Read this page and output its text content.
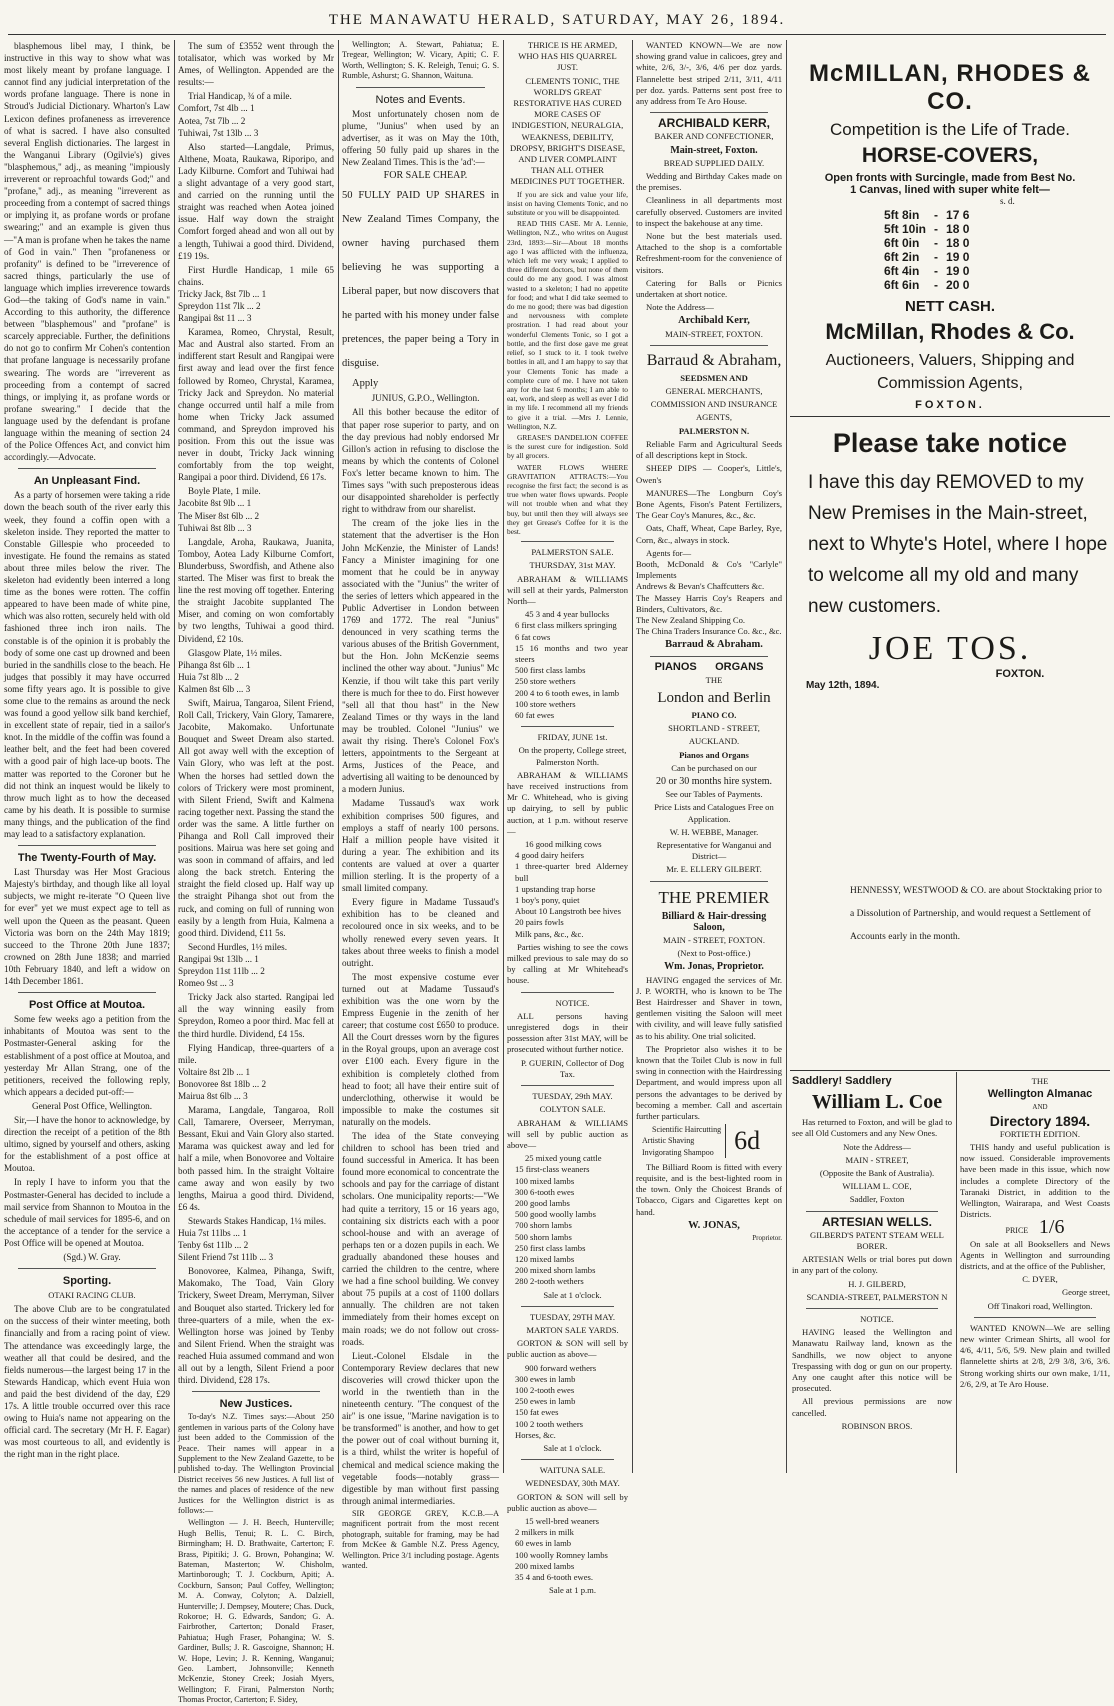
THE MANAWATU HERALD, SATURDAY, MAY 26, 1894.

blasphemous libel may, I think, be instructive in this way to show what was most likely meant by profane language. I cannot find any judicial interpretation of the words profane language. There is none in Stroud's Judicial Dictionary. Wharton's Law Lexicon defines profaneness as irreverence of what is sacred. I have also consulted several English dictionaries. The largest in the Wanganui Library (Ogilvie's) gives "blasphemous," adj., as meaning "impiously irreverent or reproachful towards God;" and "profane," adj., as meaning "irreverent as proceeding from a contempt of sacred things or implying it, as profane words or profane swearing;" and an example is given thus—"A man is profane when he takes the name of God in vain." Then "profaneness or profanity" is defined to be "irreverence of sacred things, particularly the use of language which implies irreverence towards God—the taking of God's name in vain." According to this authority, the difference between "blasphemous" and "profane" is scarcely appreciable. Further, the definitions do not go to confirm Mr Cohen's contention that profane language is necessarily profane swearing. The words are "irreverent as proceeding from a contempt of sacred things, or implying it, as profane words or profane swearing." I decide that the language used by the defendant is profane language within the meaning of section 24 of the Police Offences Act, and convict him accordingly.—Advocate.

An Unpleasant Find.

As a party of horsemen were taking a ride down the beach south of the river early this week, they found a coffin open with a skeleton inside. They reported the matter to Constable Gillespie who proceeded to investigate. He found the remains as stated about three miles below the river. The skeleton had evidently been interred a long time as the bones were rotten. The coffin appeared to have been made of white pine, which was also rotten, securely held with old fashioned three inch iron nails. The constable is of the opinion it is probably the body of some one cast up drowned and been buried in the sandhills close to the beach. He judges that possibly it may have occurred some fifty years ago. It is possible to give some clue to the remains as around the neck was found a good yellow silk band kerchief, in excellent state of repair, tied in a sailor's knot. In the middle of the coffin was found a leather belt, and the feet had been covered with a good pair of high lace-up boots. The matter was reported to the Coroner but he did not think an inquest would be likely to throw much light as to how the deceased came by his death. It is possible to surmise many things, and the publication of the find may lead to a satisfactory explanation.

The Twenty-Fourth of May.

Last Thursday was Her Most Gracious Majesty's birthday, and though like all loyal subjects, we might re-iterate "O Queen live for ever" yet we must expect age to tell as well upon the Queen as the peasant. Queen Victoria was born on the 24th May 1819; succeed to the Throne 20th June 1837; crowned on 28th June 1838; and married 10th February 1840, and left a widow on 14th December 1861.

Post Office at Moutoa.

Some few weeks ago a petition from the inhabitants of Moutoa was sent to the Postmaster-General asking for the establishment of a post office at Moutoa, and yesterday Mr Allan Strang, one of the petitioners, received the following reply, which appears a decided put-off:—

General Post Office, Wellington.

Sir,—I have the honor to acknowledge, by direction the receipt of a petition of the 8th ultimo, signed by yourself and others, asking for the establishment of a post office at Moutoa.

In reply I have to inform you that the Postmaster-General has decided to include a mail service from Shannon to Moutoa in the schedule of mail services for 1895-6, and on the acceptance of a tender for the service a Post Office will be opened at Moutoa.

(Sgd.) W. Gray.

Sporting.

OTAKI RACING CLUB.

The above Club are to be congratulated on the success of their winter meeting, both financially and from a racing point of view. The attendance was exceedingly large, the weather all that could be desired, and the fields numerous—the largest being 17 in the Stewards Handicap, which event Huia won and paid the best dividend of the day, £29 17s. A little trouble occurred over this race owing to Huia's name not appearing on the official card. The secretary (Mr H. F. Eagar) was most courteous to all, and evidently is the right man in the right place.

The sum of £3552 went through the totalisator, which was worked by Mr Ames, of Wellington. Appended are the results:—

Trial Handicap, ¾ of a mile.
Comfort, 7st 4lb ... 1
Aotea, 7st 7lb ... 2
Tuhiwai, 7st 13lb ... 3

Also started—Langdale, Primus, Althene, Moata, Raukawa, Riporipo, and Lady Kilburne. Comfort and Tuhiwai had a slight advantage of a very good start, and carried on the running until the straight was reached when Aotea joined issue. Half way down the straight Comfort forged ahead and won all out by a length, Tuhiwai a good third. Dividend, £19 19s.

First Hurdle Handicap, 1 mile 65 chains.
Tricky Jack, 8st 7lb ... 1
Spreydon 11st 7lk ... 2
Rangipai 8st 11 ... 3

Karamea, Romeo, Chrystal, Result, Mac and Austral also started. From an indifferent start Result and Rangipai were first away and lead over the first fence followed by Romeo, Chrystal, Karamea, Tricky Jack and Spreydon. No material change occurred until half a mile from home when Tricky Jack assumed command, and Spreydon improved his position. From this out the issue was never in doubt, Tricky Jack winning comfortably from the top weight, Rangipai a poor third. Dividend, £6 17s.

Boyle Plate, 1 mile.
Jacobite 8st 9lb ... 1
The Miser 8st 6lb ... 2
Tuhiwai 8st 8lb ... 3

Langdale, Aroha, Raukawa, Juanita, Tomboy, Aotea Lady Kilburne Comfort, Blunderbuss, Swordfish, and Athene also started. The Miser was first to break the line the rest moving off together. Entering the straight Jacobite supplanted The Miser, and coming on won comfortably by two lengths, Tuhiwai a good third. Dividend, £2 10s.

Glasgow Plate, 1½ miles.
Pihanga 8st 6lb ... 1
Huia 7st 8lb ... 2
Kalmen 8st 6lb ... 3

Swift, Mairua, Tangaroa, Silent Friend, Roll Call, Trickery, Vain Glory, Tamarere, Jacobite, Makomako. Unfortunate Bouquet and Sweet Dream also started. All got away well with the exception of Vain Glory, who was left at the post. When the horses had settled down the colors of Trickery were most prominent, with Silent Friend, Swift and Kalmena racing together next. Passing the stand the order was the same. A little further on Pihanga and Roll Call improved their positions. Mairua was here set going and was soon in command of affairs, and led along the back stretch. Entering the straight the field closed up. Half way up the straight Pihanga shot out from the ruck, and coming on full of running won easily by a length from Huia, Kalmena a good third. Dividend, £11 5s.

Second Hurdles, 1½ miles.
Rangipai 9st 13lb ... 1
Spreydon 11st 11lb ... 2
Romeo 9st ... 3

Tricky Jack also started. Rangipai led all the way winning easily from Spreydon, Romeo a poor third. Mac fell at the third hurdle. Dividend, £4 15s.

Flying Handicap, three-quarters of a mile.
Voltaire 8st 2lb ... 1
Bonovoree 8st 18lb ... 2
Mairua 8st 6lb ... 3

Marama, Langdale, Tangaroa, Roll Call, Tamarere, Overseer, Merryman, Bessant, Ekui and Vain Glory also started. Marama was quickest away and led for half a mile, when Bonovoree and Voltaire both passed him. In the straight Voltaire came away and won easily by two lengths, Mairua a good third. Dividend, £6 4s.

Stewards Stakes Handicap, 1¼ miles.
Huia 7st 11lbs ... 1
Tenby 6st 11lb ... 2
Silent Friend 7st 11lb ... 3

Bonovoree, Kalmea, Pihanga, Swift, Makomako, The Toad, Vain Glory Trickery, Sweet Dream, Merryman, Silver and Bouquet also started. Trickery led for three-quarters of a mile, when the ex-Wellington horse was joined by Tenby and Silent Friend. When the straight was reached Huia assumed command and won all out by a length, Silent Friend a poor third. Dividend, £28 17s.

New Justices.

To-day's N.Z. Times says:—About 250 gentlemen in various parts of the Colony have just been added to the Commission of the Peace. Their names will appear in a Supplement to the New Zealand Gazette, to be published to-day. The Wellington Provincial District receives 56 new Justices. A full list of the names and places of residence of the new Justices for the Wellington district is as follows:—

Wellington — J. H. Beech, Hunterville; Hugh Bellis, Tenui; R. L. C. Birch, Birmingham; H. D. Brathwaite, Carterton; F. Brass, Pipitiki; J. G. Brown, Pohangina; W. Bateman, Masterton; W. Chisholm, Martinborough; T. J. Cockburn, Apiti; A. Cockburn, Sanson; Paul Coffey, Wellington; M. A. Conway, Colyton; A. Dalziell, Hunterville; J. Dempsey, Moutere; Chas. Duck, Rokoroe; H. G. Edwards, Sandon; G. A. Fairbrother, Carterton; Donald Fraser, Pahiatua; Hugh Fraser, Pohangina; W. S. Gardiner, Bulls; J. R. Gascoigne, Shannon; H. W. Hope, Levin; J. R. Kenning, Wanganui; Geo. Lambert, Johnsonville; Kenneth McKenzie, Stoney Creek; Josiah Myers, Wellington; F. Firani, Palmerston North; Thomas Proctor, Carterton; F. Sidey,

Wellington; A. Stewart, Pahiatua; E. Tregear, Wellington; W. Vicary, Apiti; C. F. Worth, Wellington; S. K. Releigh, Tenui; G. S. Rumble, Ashurst; G. Shannon, Waituna.

Notes and Events.

Most unfortunately chosen nom de plume, "Junius" when used by an advertiser, as it was on May the 10th, offering 50 fully paid up shares in the New Zealand Times. This is the 'ad':—

FOR SALE CHEAP.

50 FULLY PAID UP SHARES in New Zealand Times Company, the owner having purchased them believing he was supporting a Liberal paper, but now discovers that he parted with his money under false pretences, the paper being a Tory in disguise.

Apply

JUNIUS, G.P.O., Wellington.

All this bother because the editor of that paper rose superior to party, and on the day previous had nobly endorsed Mr Gillon's action in refusing to disclose the means by which the contents of Colonel Fox's letter became known to him. The Times says "with such preposterous ideas our disappointed shareholder is perfectly right to withdraw from our sharelist.

The cream of the joke lies in the statement that the advertiser is the Hon John McKenzie, the Minister of Lands! Fancy a Minister imagining for one moment that he could be in anyway associated with the "Junius" the writer of the series of letters which appeared in the Public Advertiser in London between 1769 and 1772. The real "Junius" denounced in very scathing terms the various abuses of the British Government, but the Hon. John McKenzie seems inclined the other way about. "Junius" Mc Kenzie, if thou wilt take this part verily there is much for thee to do. First however "sell all that thou hast" in the New Zealand Times or thy ways in the land may be troubled. Colonel "Junius" we await thy rising. There's Colonel Fox's letters, appointments to the Sergeant at Arms, Justices of the Peace, and advertising all waiting to be denounced by a modern Junius.

Madame Tussaud's wax work exhibition comprises 500 figures, and employs a staff of nearly 100 persons. Half a million people have visited it during a year. The exhibition and its contents are valued at over a quarter million sterling. It is the property of a small limited company.

Every figure in Madame Tussaud's exhibition has to be cleaned and recoloured once in six weeks, and to be wholly renewed every seven years. It takes about three weeks to finish a model outright.

The most expensive costume ever turned out at Madame Tussaud's exhibition was the one worn by the Empress Eugenie in the zenith of her career; that costume cost £650 to produce. All the Court dresses worn by the figures in the Royal groups, upon an average cost over £100 each. Every figure in the exhibition is completely clothed from head to foot; all have their entire suit of underclothing, otherwise it would be impossible to make the costumes sit naturally on the models.

The idea of the State conveying children to school has been tried and found successful in America. It has been found more economical to concentrate the schools and pay for the carriage of distant scholars. One municipality reports:—"We had quite a territory, 15 or 16 years ago, containing six districts each with a poor school-house and with an average of perhaps ten or a dozen pupils in each. We gradually abandoned these houses and carried the children to the centre, where we had a fine school building. We convey about 75 pupils at a cost of 1100 dollars annually. The children are not taken immediately from their homes except on main roads; we do not follow out cross-roads.

Lieut.-Colonel Elsdale in the Contemporary Review declares that new discoveries will crowd thicker upon the world in the twentieth than in the nineteenth century. "The conquest of the air" is one issue, "Marine navigation is to be transformed" is another, and how to get the power out of coal without burning it, is a third, whilst the writer is hopeful of chemical and medical science making the vegetable foods—notably grass—digestible by man without first passing through animal intermediaries.

SIR GEORGE GREY, K.C.B.—A magnificent portrait from the most recent photograph, suitable for framing, may be had from McKee & Gamble N.Z. Press Agency, Wellington. Price 3/1 including postage. Agents wanted.

THRICE IS HE ARMED, WHO HAS HIS QUARREL JUST.

CLEMENTS TONIC, THE WORLD'S GREAT RESTORATIVE HAS CURED MORE CASES OF INDIGESTION, NEURALGIA, WEAKNESS, DEBILITY, DROPSY, BRIGHT'S DISEASE, AND LIVER COMPLAINT THAN ALL OTHER MEDICINES PUT TOGETHER.

If you are sick and value your life, insist on having Clements Tonic, and no substitute or you will be disappointed.

READ THIS CASE. Mr A. Lennie, Wellington, N.Z., who writes on August 23rd, 1893:—Sir—About 18 months ago I was afflicted with the influenza, which left me very weak; I applied to three different doctors, but none of them could do me any good. I was almost wasted to a skeleton; I had no appetite for food; and what I did take seemed to do me no good; there was bad digestion and nervousness with complete prostration. I had read about your wonderful Clements Tonic, so I got a bottle, and the first dose gave me great relief, so I stuck to it. I took twelve bottles in all, and I am happy to say that your Clements Tonic has made a complete cure of me. I have not taken any for the last 6 months; I am able to eat, work, and sleep as well as ever I did in my life. I recommend all my friends to give it a trial. —Mrs J. Lennie, Wellington, N.Z.

GREASE'S DANDELION COFFEE is the surest cure for indigestion. Sold by all grocers.

WATER FLOWS WHERE GRAVITATION ATTRACTS:—You recognise the first fact; the second is as true when water flows upwards. People will not trouble when and what they buy, but until then they will always see they get Grease's Coffee for it is the best.

PALMERSTON SALE.

THURSDAY, 31st MAY.

ABRAHAM & WILLIAMS will sell at their yards, Palmerston North—

45 3 and 4 year bullocks
6 first class milkers springing
6 fat cows
15 16 months and two year steers
500 first class lambs
250 store wethers
200 4 to 6 tooth ewes, in lamb
100 store wethers
60 fat ewes

FRIDAY, JUNE 1st.

On the property, College street, Palmerston North.

ABRAHAM & WILLIAMS have received instructions from Mr C. Whitehead, who is giving up dairying, to sell by public auction, at 1 p.m. without reserve—

16 good milking cows
4 good dairy heifers
1 three-quarter bred Alderney bull
1 upstanding trap horse
1 boy's pony, quiet
About 10 Langstroth bee hives
20 pairs fowls
Milk pans, &c., &c.

Parties wishing to see the cows milked previous to sale may do so by calling at Mr Whitehead's house.

NOTICE.

ALL persons having unregistered dogs in their possession after 31st MAY, will be prosecuted without further notice.

P. GUERIN, Collector of Dog Tax.

TUESDAY, 29th MAY.

COLYTON SALE.

ABRAHAM & WILLIAMS will sell by public auction as above—

25 mixed young cattle
15 first-class weaners
100 mixed lambs
300 6-tooth ewes
200 good lambs
500 good woolly lambs
700 shorn lambs
500 shorn lambs
250 first class lambs
120 mixed lambs
200 mixed shorn lambs
280 2-tooth wethers

Sale at 1 o'clock.

TUESDAY, 29TH MAY.

MARTON SALE YARDS.

GORTON & SON will sell by public auction as above—

900 forward wethers
300 ewes in lamb
100 2-tooth ewes
250 ewes in lamb
150 fat ewes
100 2 tooth wethers
Horses, &c.

Sale at 1 o'clock.

WAITUNA SALE.

WEDNESDAY, 30th MAY.

GORTON & SON will sell by public auction as above—

15 well-bred weaners
2 milkers in milk
60 ewes in lamb
100 woolly Romney lambs
200 mixed lambs
35 4 and 6-tooth ewes.

Sale at 1 p.m.

WANTED KNOWN—We are now showing grand value in calicoes, grey and white, 2/6, 3/-, 3/6, 4/6 per doz yards. Flannelette best striped 2/11, 3/11, 4/11 per doz. yards. Patterns sent post free to any address from Te Aro House.

ARCHIBALD KERR,

BAKER AND CONFECTIONER,

Main-street, Foxton.

BREAD SUPPLIED DAILY.

Wedding and Birthday Cakes made on the premises.

Cleanliness in all departments most carefully observed. Customers are invited to inspect the bakehouse at any time.

None but the best materials used. Attached to the shop is a comfortable Refreshment-room for the convenience of visitors.

Catering for Balls or Picnics undertaken at short notice.

Note the Address—

Archibald Kerr,

MAIN-STREET, FOXTON.

Barraud & Abraham,

SEEDSMEN AND

GENERAL MERCHANTS,

COMMISSION AND INSURANCE

AGENTS,

PALMERSTON N.

Reliable Farm and Agricultural Seeds of all descriptions kept in Stock.

SHEEP DIPS — Cooper's, Little's, Owen's

MANURES—The Longburn Coy's Bone Agents, Fison's Patent Fertilizers, The Gear Coy's Manures, &c., &c.

Oats, Chaff, Wheat, Cape Barley, Rye, Corn, &c., always in stock.

Agents for—
Booth, McDonald & Co's "Carlyle" Implements
Andrews & Bevan's Chaffcutters &c.
The Massey Harris Coy's Reapers and Binders, Cultivators, &c.
The New Zealand Shipping Co.
The China Traders Insurance Co. &c., &c.

Barraud & Abraham.

PIANOS ORGANS

THE

London and Berlin

PIANO CO.

SHORTLAND - STREET,

AUCKLAND.

Pianos and Organs

Can be purchased on our

20 or 30 months hire system.

See our Tables of Payments.

Price Lists and Catalogues Free on Application.

W. H. WEBBE, Manager.

Representative for Wanganui and District—

Mr. E. ELLERY GILBERT.

THE PREMIER

Billiard & Hair-dressing Saloon,

MAIN - STREET, FOXTON.

(Next to Post-office.)

Wm. Jonas, Proprietor.

HAVING engaged the services of Mr. J. P. WORTH, who is known to be The Best Hairdresser and Shaver in town, gentlemen visiting the Saloon will meet with civility, and will leave fully satisfied as to his ability. One trial solicited.

The Proprietor also wishes it to be known that the Toilet Club is now in full swing in connection with the Hairdressing Department, and would impress upon all persons the advantages to be derived by becoming a member. Call and ascertain further particulars.

Scientific Haircutting
Artistic Shaving
Invigorating Shampoo 6d

The Billiard Room is fitted with every requisite, and is the best-lighted room in the town. Only the Choicest Brands of Tobacco, Cigars and Cigarettes kept on hand.

W. JONAS,

Proprietor.

McMILLAN, RHODES & CO.
Competition is the Life of Trade.
HORSE-COVERS,
Open fronts with Surcingle, made from Best No.
1 Canvas, lined with super white felt—
s. d.
5ft 8in	-	17 6
5ft 10in	-	18 0
6ft 0in	-	18 0
6ft 2in	-	19 0
6ft 4in	-	19 0
6ft 6in	-	20 0
NETT CASH.
McMillan, Rhodes & Co.
Auctioneers, Valuers, Shipping and Commission Agents,
FOXTON.
Please take notice
I have this day REMOVED to my New Premises in the Main-street, next to Whyte's Hotel, where I hope to welcome all my old and many new customers.
JOE TOS.
FOXTON.
May 12th, 1894.

HENNESSY, WESTWOOD & CO. are about Stocktaking prior to a Dissolution of Partnership, and would request a Settlement of Accounts early in the month.

Saddlery! Saddlery

William L. Coe

Has returned to Foxton, and will be glad to see all Old Customers and any New Ones.

Note the Address—

MAIN - STREET,

(Opposite the Bank of Australia).

WILLIAM L. COE,

Saddler, Foxton

ARTESIAN WELLS.

GILBERD'S PATENT STEAM WELL BORER.

ARTESIAN Wells or trial bores put down in any part of the colony.

H. J. GILBERD,

SCANDIA-STREET, PALMERSTON N

NOTICE.

HAVING leased the Wellington and Manawatu Railway land, known as the Sandhills, we now object to anyone Trespassing with dog or gun on our property. Any one caught after this notice will be prosecuted.

All previous permissions are now cancelled.

ROBINSON BROS.

THE

Wellington Almanac

AND

Directory 1894.

FORTIETH EDITION.

THIS handy and useful publication is now issued. Considerable improvements have been made in this issue, which now includes a complete Directory of the Taranaki District, in addition to the Wellington, Wairarapa, and West Coasts Districts.

PRICE 1/6

On sale at all Booksellers and News Agents in Wellington and surrounding districts, and at the office of the Publisher,

C. DYER,

George street,

Off Tinakori road, Wellington.

WANTED KNOWN—We are selling new winter Crimean Shirts, all wool for 4/6, 4/11, 5/6, 5/9. New plain and twilled flannelette shirts at 2/8, 2/9 3/8, 3/6, 3/6. Strong working shirts our own make, 1/11, 2/6, 2/9, at Te Aro House.
